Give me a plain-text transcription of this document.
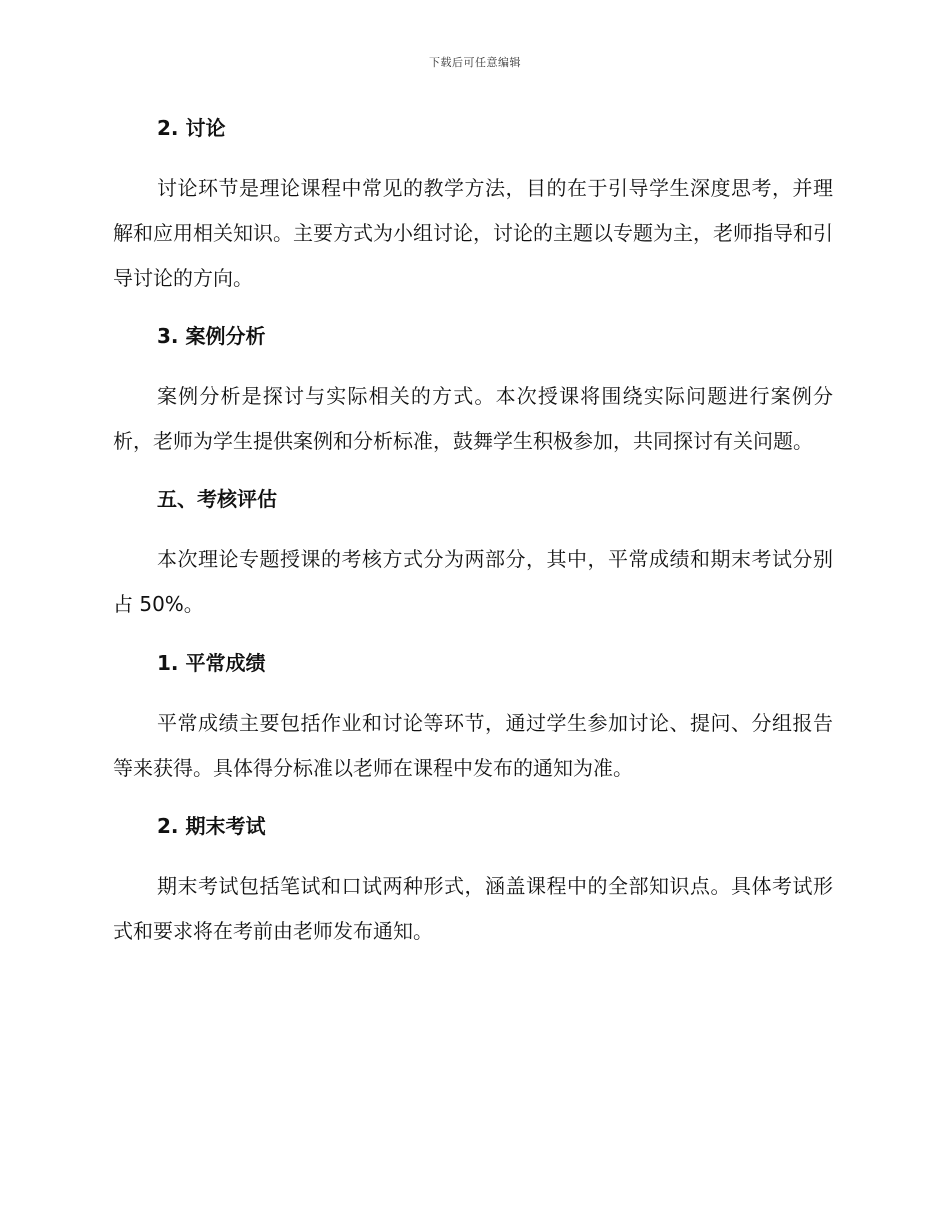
下载后可任意编辑
2. 讨论

讨论环节是理论课程中常见的教学方法，目的在于引导学生深度思考，并理解和应用相关知识。主要方式为小组讨论，讨论的主题以专题为主，老师指导和引导讨论的方向。

3. 案例分析

案例分析是探讨与实际相关的方式。本次授课将围绕实际问题进行案例分析，老师为学生提供案例和分析标准，鼓舞学生积极参加，共同探讨有关问题。

五、考核评估

本次理论专题授课的考核方式分为两部分，其中，平常成绩和期末考试分别占 50%。

1. 平常成绩

平常成绩主要包括作业和讨论等环节，通过学生参加讨论、提问、分组报告等来获得。具体得分标准以老师在课程中发布的通知为准。

2. 期末考试

期末考试包括笔试和口试两种形式，涵盖课程中的全部知识点。具体考试形式和要求将在考前由老师发布通知。
